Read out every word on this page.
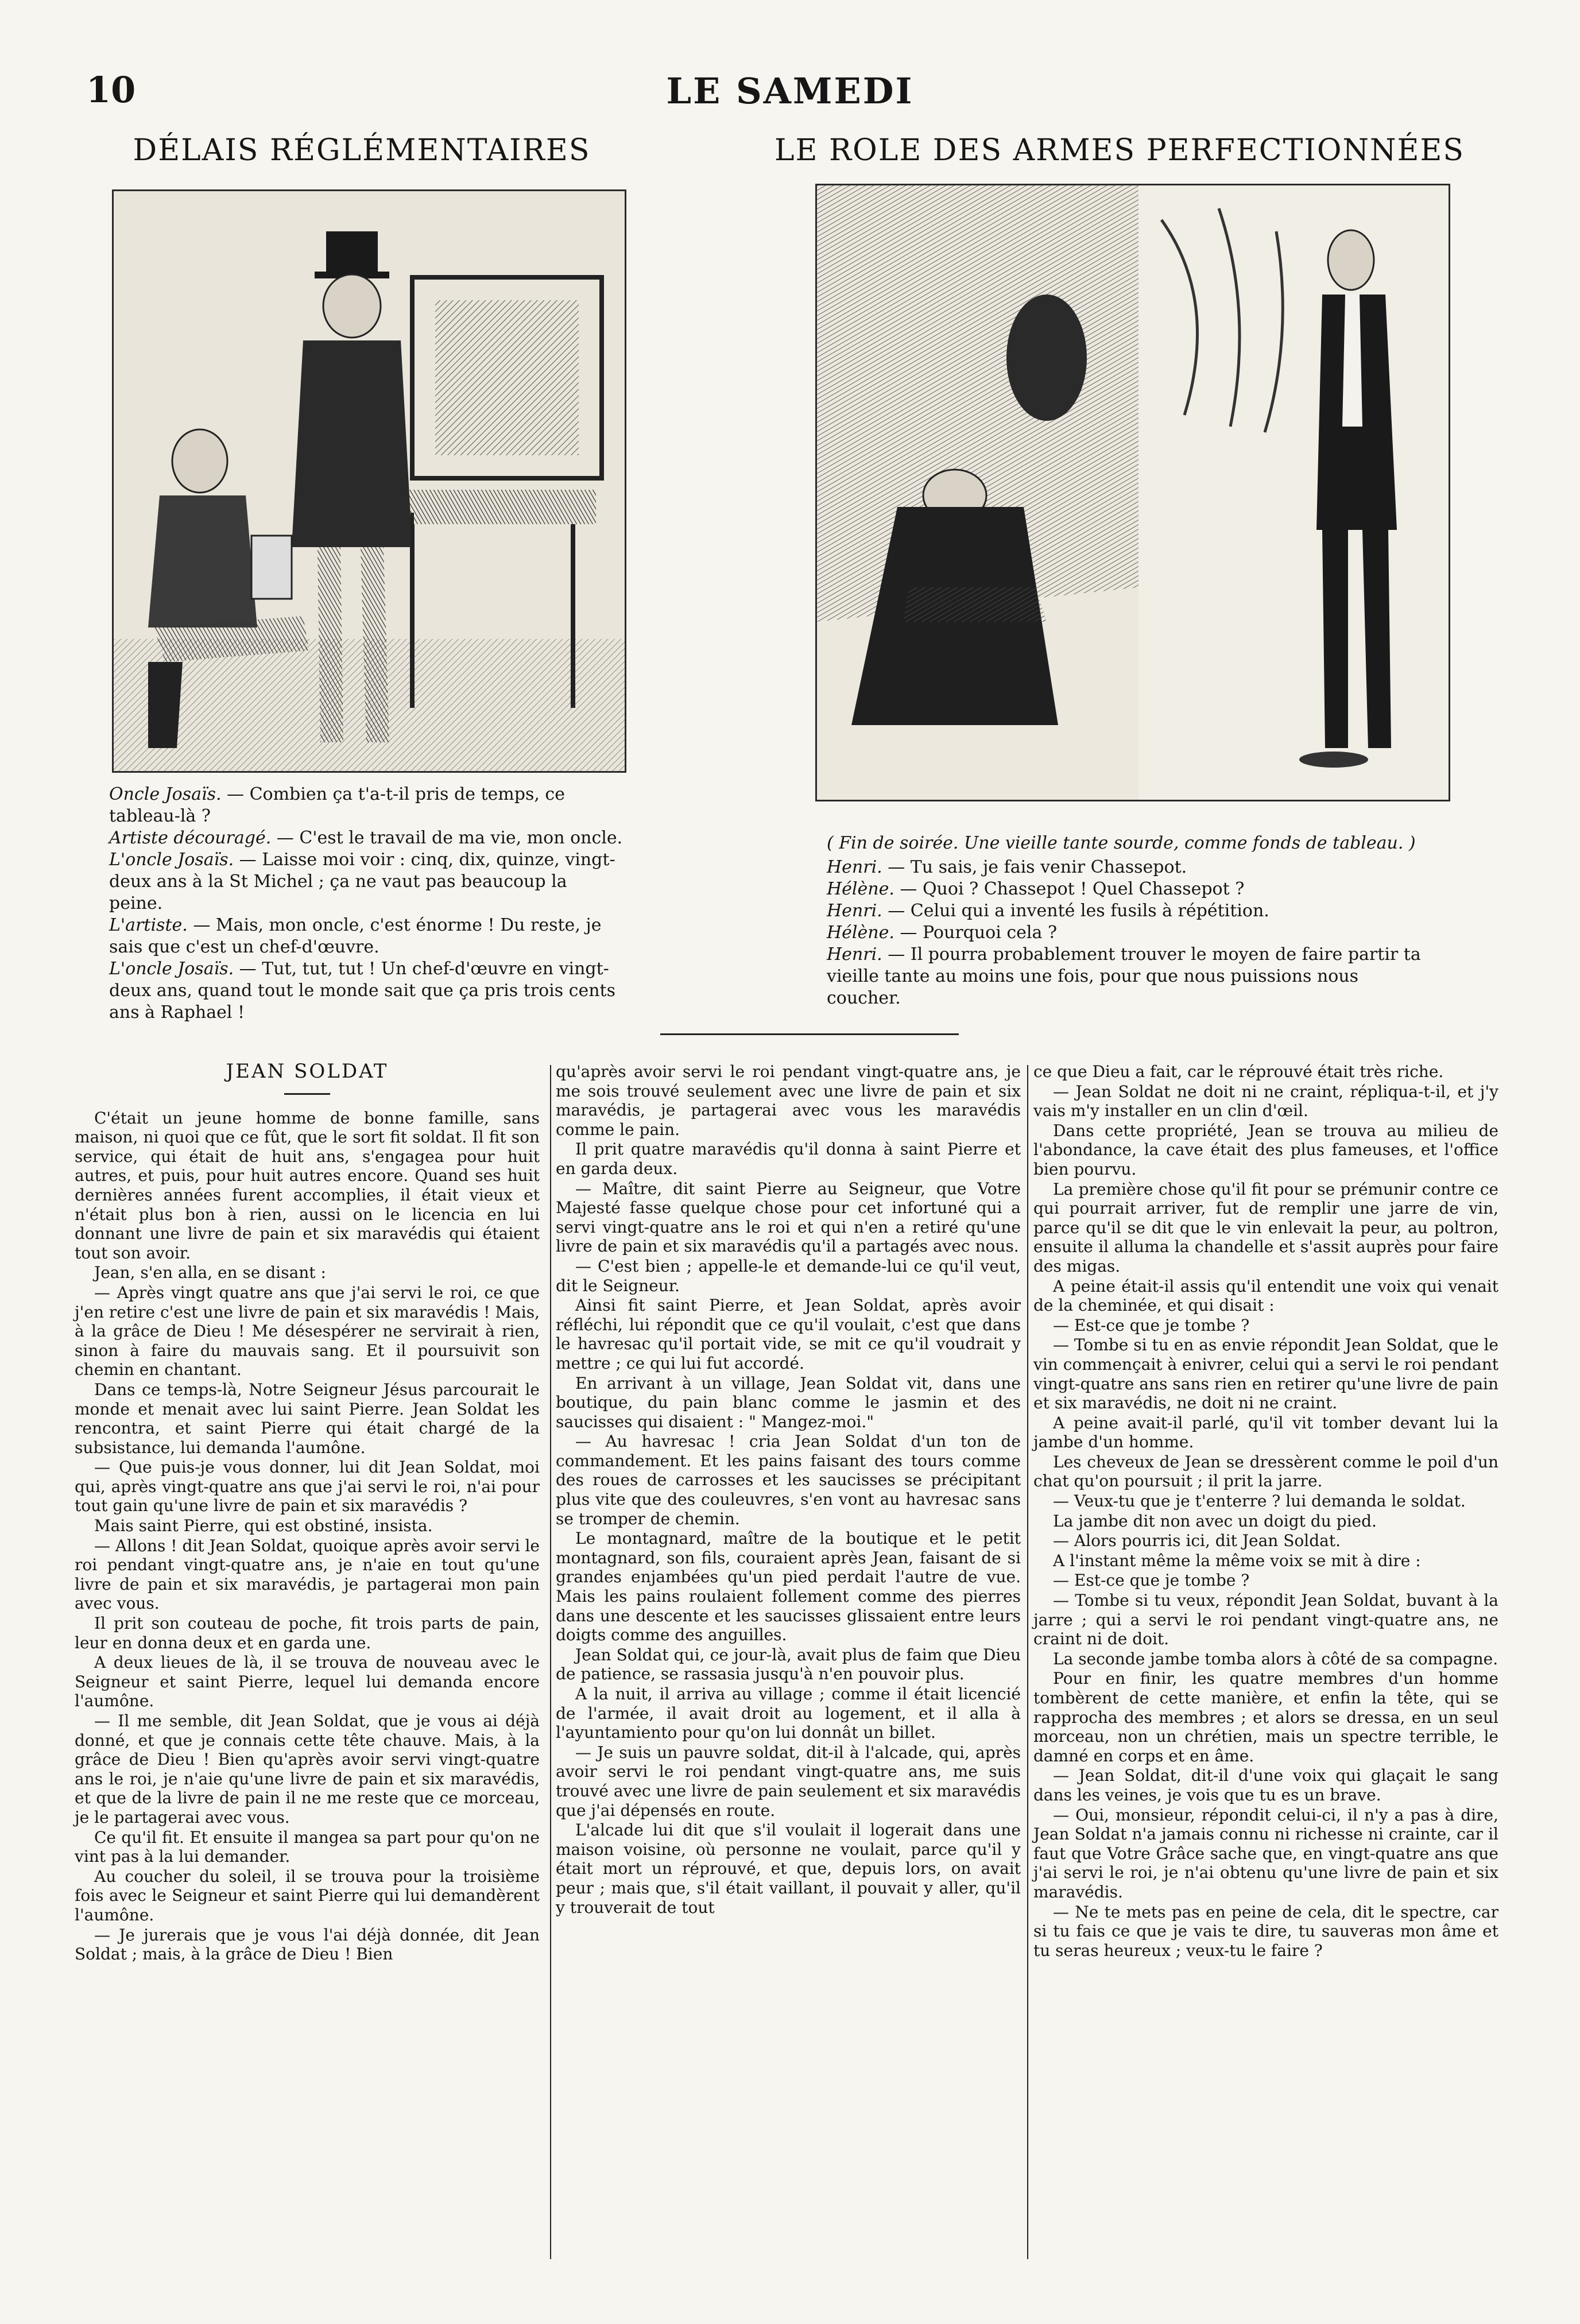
10	LE SAMEDI
DÉLAIS RÉGLÉMENTAIRES

Oncle Josaïs. — Combien ça t'a-t-il pris de temps, ce tableau-là ?

Artiste découragé. — C'est le travail de ma vie, mon oncle.

L'oncle Josaïs. — Laisse moi voir : cinq, dix, quinze, vingt-deux ans à la St Michel ; ça ne vaut pas beaucoup la peine.

L'artiste. — Mais, mon oncle, c'est énorme ! Du reste, je sais que c'est un chef-d'œuvre.

L'oncle Josaïs. — Tut, tut, tut ! Un chef-d'œuvre en vingt-deux ans, quand tout le monde sait que ça pris trois cents ans à Raphael !

LE ROLE DES ARMES PERFECTIONNÉES

( Fin de soirée. Une vieille tante sourde, comme fonds de tableau. )

Henri. — Tu sais, je fais venir Chassepot.

Hélène. — Quoi ? Chassepot ! Quel Chassepot ?

Henri. — Celui qui a inventé les fusils à répétition.

Hélène. — Pourquoi cela ?

Henri. — Il pourra probablement trouver le moyen de faire partir ta vieille tante au moins une fois, pour que nous puissions nous coucher.

JEAN SOLDAT

C'était un jeune homme de bonne famille, sans maison, ni quoi que ce fût, que le sort fit soldat. Il fit son service, qui était de huit ans, s'engagea pour huit autres, et puis, pour huit autres encore. Quand ses huit dernières années furent accomplies, il était vieux et n'était plus bon à rien, aussi on le licencia en lui donnant une livre de pain et six maravédis qui étaient tout son avoir.

Jean, s'en alla, en se disant :

— Après vingt quatre ans que j'ai servi le roi, ce que j'en retire c'est une livre de pain et six maravédis ! Mais, à la grâce de Dieu ! Me désespérer ne servirait à rien, sinon à faire du mauvais sang. Et il poursuivit son chemin en chantant.

Dans ce temps-là, Notre Seigneur Jésus parcourait le monde et menait avec lui saint Pierre. Jean Soldat les rencontra, et saint Pierre qui était chargé de la subsistance, lui demanda l'aumône.

— Que puis-je vous donner, lui dit Jean Soldat, moi qui, après vingt-quatre ans que j'ai servi le roi, n'ai pour tout gain qu'une livre de pain et six maravédis ?

Mais saint Pierre, qui est obstiné, insista.

— Allons ! dit Jean Soldat, quoique après avoir servi le roi pendant vingt-quatre ans, je n'aie en tout qu'une livre de pain et six maravédis, je partagerai mon pain avec vous.

Il prit son couteau de poche, fit trois parts de pain, leur en donna deux et en garda une.

A deux lieues de là, il se trouva de nouveau avec le Seigneur et saint Pierre, lequel lui demanda encore l'aumône.

— Il me semble, dit Jean Soldat, que je vous ai déjà donné, et que je connais cette tête chauve. Mais, à la grâce de Dieu ! Bien qu'après avoir servi vingt-quatre ans le roi, je n'aie qu'une livre de pain et six maravédis, et que de la livre de pain il ne me reste que ce morceau, je le partagerai avec vous.

Ce qu'il fit. Et ensuite il mangea sa part pour qu'on ne vint pas à la lui demander.

Au coucher du soleil, il se trouva pour la troisième fois avec le Seigneur et saint Pierre qui lui demandèrent l'aumône.

— Je jurerais que je vous l'ai déjà donnée, dit Jean Soldat ; mais, à la grâce de Dieu ! Bien

qu'après avoir servi le roi pendant vingt-quatre ans, je me sois trouvé seulement avec une livre de pain et six maravédis, je partagerai avec vous les maravédis comme le pain.

Il prit quatre maravédis qu'il donna à saint Pierre et en garda deux.

— Maître, dit saint Pierre au Seigneur, que Votre Majesté fasse quelque chose pour cet infortuné qui a servi vingt-quatre ans le roi et qui n'en a retiré qu'une livre de pain et six maravédis qu'il a partagés avec nous.

— C'est bien ; appelle-le et demande-lui ce qu'il veut, dit le Seigneur.

Ainsi fit saint Pierre, et Jean Soldat, après avoir réfléchi, lui répondit que ce qu'il voulait, c'est que dans le havresac qu'il portait vide, se mit ce qu'il voudrait y mettre ; ce qui lui fut accordé.

En arrivant à un village, Jean Soldat vit, dans une boutique, du pain blanc comme le jasmin et des saucisses qui disaient : " Mangez-moi."

— Au havresac ! cria Jean Soldat d'un ton de commandement. Et les pains faisant des tours comme des roues de carrosses et les saucisses se précipitant plus vite que des couleuvres, s'en vont au havresac sans se tromper de chemin.

Le montagnard, maître de la boutique et le petit montagnard, son fils, couraient après Jean, faisant de si grandes enjambées qu'un pied perdait l'autre de vue. Mais les pains roulaient follement comme des pierres dans une descente et les saucisses glissaient entre leurs doigts comme des anguilles.

Jean Soldat qui, ce jour-là, avait plus de faim que Dieu de patience, se rassasia jusqu'à n'en pouvoir plus.

A la nuit, il arriva au village ; comme il était licencié de l'armée, il avait droit au logement, et il alla à l'ayuntamiento pour qu'on lui donnât un billet.

— Je suis un pauvre soldat, dit-il à l'alcade, qui, après avoir servi le roi pendant vingt-quatre ans, me suis trouvé avec une livre de pain seulement et six maravédis que j'ai dépensés en route.

L'alcade lui dit que s'il voulait il logerait dans une maison voisine, où personne ne voulait, parce qu'il y était mort un réprouvé, et que, depuis lors, on avait peur ; mais que, s'il était vaillant, il pouvait y aller, qu'il y trouverait de tout

ce que Dieu a fait, car le réprouvé était très riche.

— Jean Soldat ne doit ni ne craint, répliqua-t-il, et j'y vais m'y installer en un clin d'œil.

Dans cette propriété, Jean se trouva au milieu de l'abondance, la cave était des plus fameuses, et l'office bien pourvu.

La première chose qu'il fit pour se prémunir contre ce qui pourrait arriver, fut de remplir une jarre de vin, parce qu'il se dit que le vin enlevait la peur, au poltron, ensuite il alluma la chandelle et s'assit auprès pour faire des migas.

A peine était-il assis qu'il entendit une voix qui venait de la cheminée, et qui disait :

— Est-ce que je tombe ?

— Tombe si tu en as envie répondit Jean Soldat, que le vin commençait à enivrer, celui qui a servi le roi pendant vingt-quatre ans sans rien en retirer qu'une livre de pain et six maravédis, ne doit ni ne craint.

A peine avait-il parlé, qu'il vit tomber devant lui la jambe d'un homme.

Les cheveux de Jean se dressèrent comme le poil d'un chat qu'on poursuit ; il prit la jarre.

— Veux-tu que je t'enterre ? lui demanda le soldat.

La jambe dit non avec un doigt du pied.

— Alors pourris ici, dit Jean Soldat.

A l'instant même la même voix se mit à dire :

— Est-ce que je tombe ?

— Tombe si tu veux, répondit Jean Soldat, buvant à la jarre ; qui a servi le roi pendant vingt-quatre ans, ne craint ni de doit.

La seconde jambe tomba alors à côté de sa compagne.

Pour en finir, les quatre membres d'un homme tombèrent de cette manière, et enfin la tête, qui se rapprocha des membres ; et alors se dressa, en un seul morceau, non un chrétien, mais un spectre terrible, le damné en corps et en âme.

— Jean Soldat, dit-il d'une voix qui glaçait le sang dans les veines, je vois que tu es un brave.

— Oui, monsieur, répondit celui-ci, il n'y a pas à dire, Jean Soldat n'a jamais connu ni richesse ni crainte, car il faut que Votre Grâce sache que, en vingt-quatre ans que j'ai servi le roi, je n'ai obtenu qu'une livre de pain et six maravédis.

— Ne te mets pas en peine de cela, dit le spectre, car si tu fais ce que je vais te dire, tu sauveras mon âme et tu seras heureux ; veux-tu le faire ?
